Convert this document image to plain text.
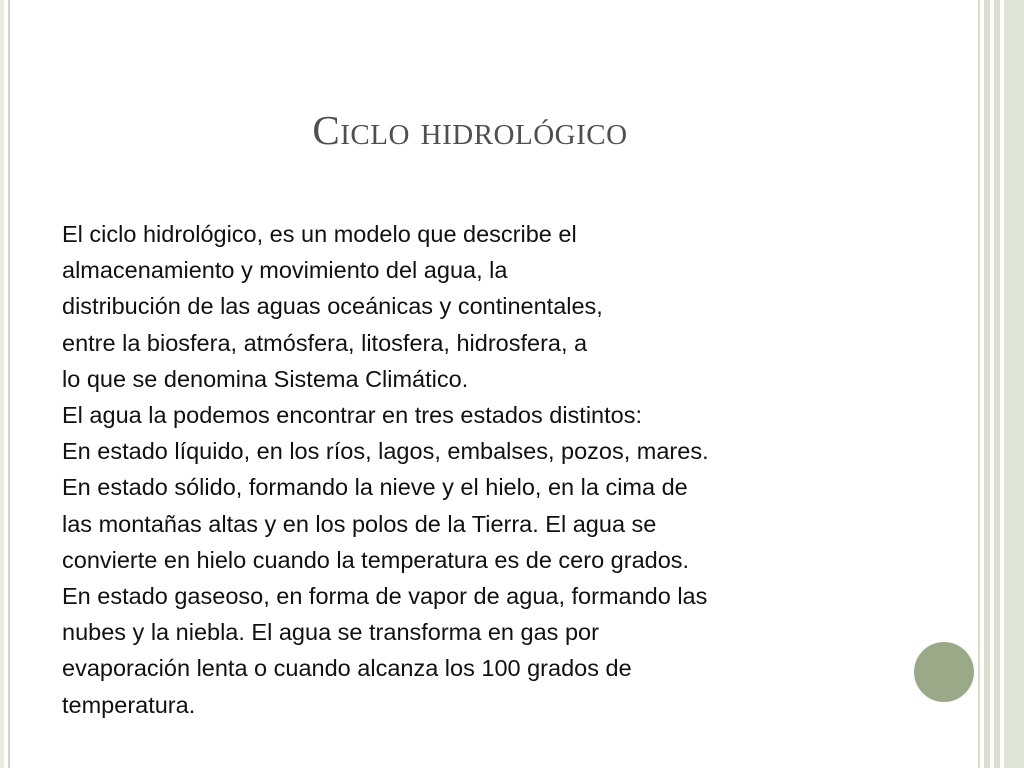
Ciclo hidrológico
El ciclo hidrológico, es un modelo que describe el
almacenamiento y movimiento del agua, la
distribución de las aguas oceánicas y continentales,
entre la biosfera, atmósfera, litosfera, hidrosfera, a
lo que se denomina Sistema Climático.
El agua la podemos encontrar en tres estados distintos:
En estado líquido, en los ríos, lagos, embalses, pozos, mares.
En estado sólido, formando la nieve y el hielo, en la cima de
las montañas altas y en los polos de la Tierra. El agua se
convierte en hielo cuando la temperatura es de cero grados.
En estado gaseoso, en forma de vapor de agua, formando las
nubes y la niebla. El agua se transforma en gas por
evaporación lenta o cuando alcanza los 100 grados de
temperatura.
